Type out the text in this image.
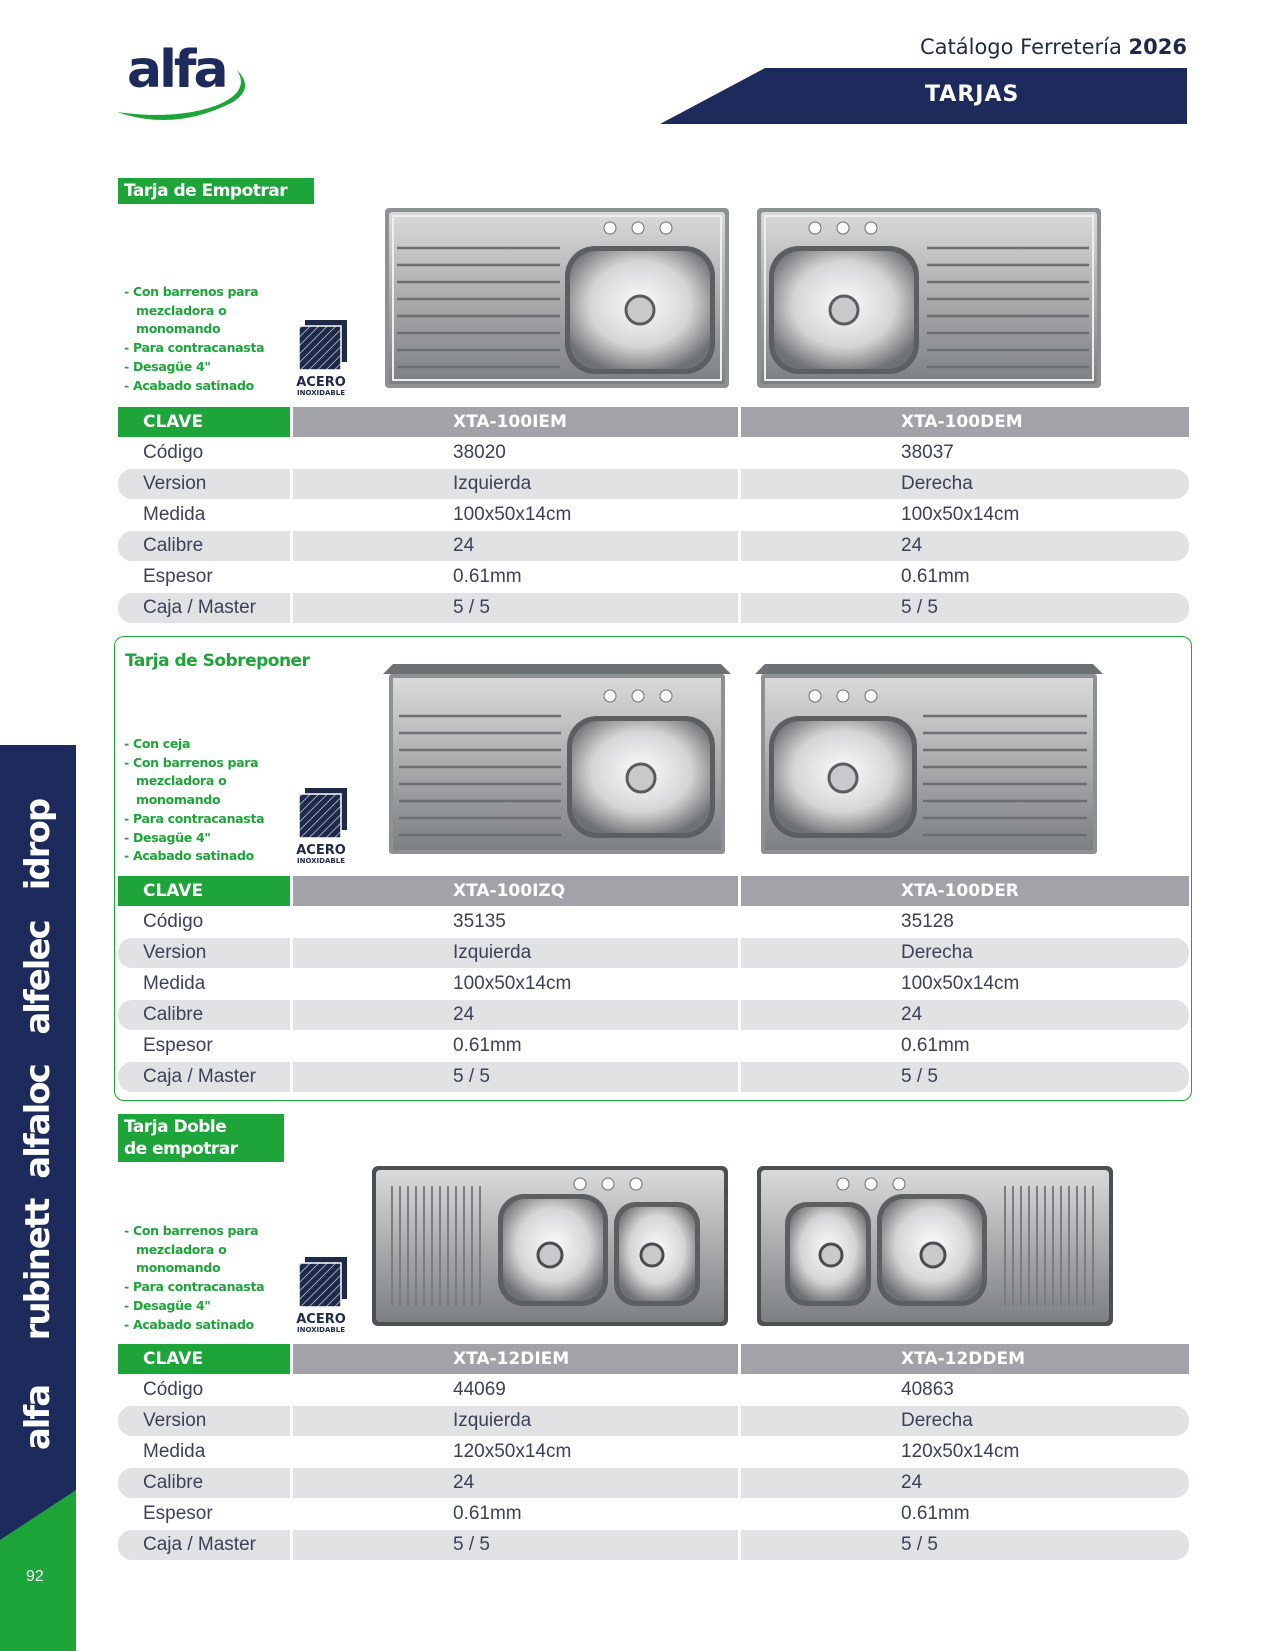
alfa	Catálogo Ferretería 2026
TARJAS
idrop
alfelec
alfaloc
rubinett
alfa
92
Tarja de Empotrar
- Con barrenos para
mezcladora o
monomando
- Para contracanasta
- Desagüe 4"
- Acabado satinado	ACERO
INOXIDABLE
CLAVE	XTA-100IEM	XTA-100DEM
Código	38020	38037
Version	Izquierda	Derecha
Medida	100x50x14cm	100x50x14cm
Calibre	24	24
Espesor	0.61mm	0.61mm
Caja / Master	5 / 5	5 / 5
Tarja de Sobreponer
- Con ceja
- Con barrenos para
mezcladora o
monomando
- Para contracanasta
- Desagüe 4"
- Acabado satinado	ACERO
INOXIDABLE
CLAVE	XTA-100IZQ	XTA-100DER
Código	35135	35128
Version	Izquierda	Derecha
Medida	100x50x14cm	100x50x14cm
Calibre	24	24
Espesor	0.61mm	0.61mm
Caja / Master	5 / 5	5 / 5
Tarja Doble
de empotrar
- Con barrenos para
mezcladora o
monomando
- Para contracanasta
- Desagüe 4"
- Acabado satinado	ACERO
INOXIDABLE
CLAVE	XTA-12DIEM	XTA-12DDEM
Código	44069	40863
Version	Izquierda	Derecha
Medida	120x50x14cm	120x50x14cm
Calibre	24	24
Espesor	0.61mm	0.61mm
Caja / Master	5 / 5	5 / 5
